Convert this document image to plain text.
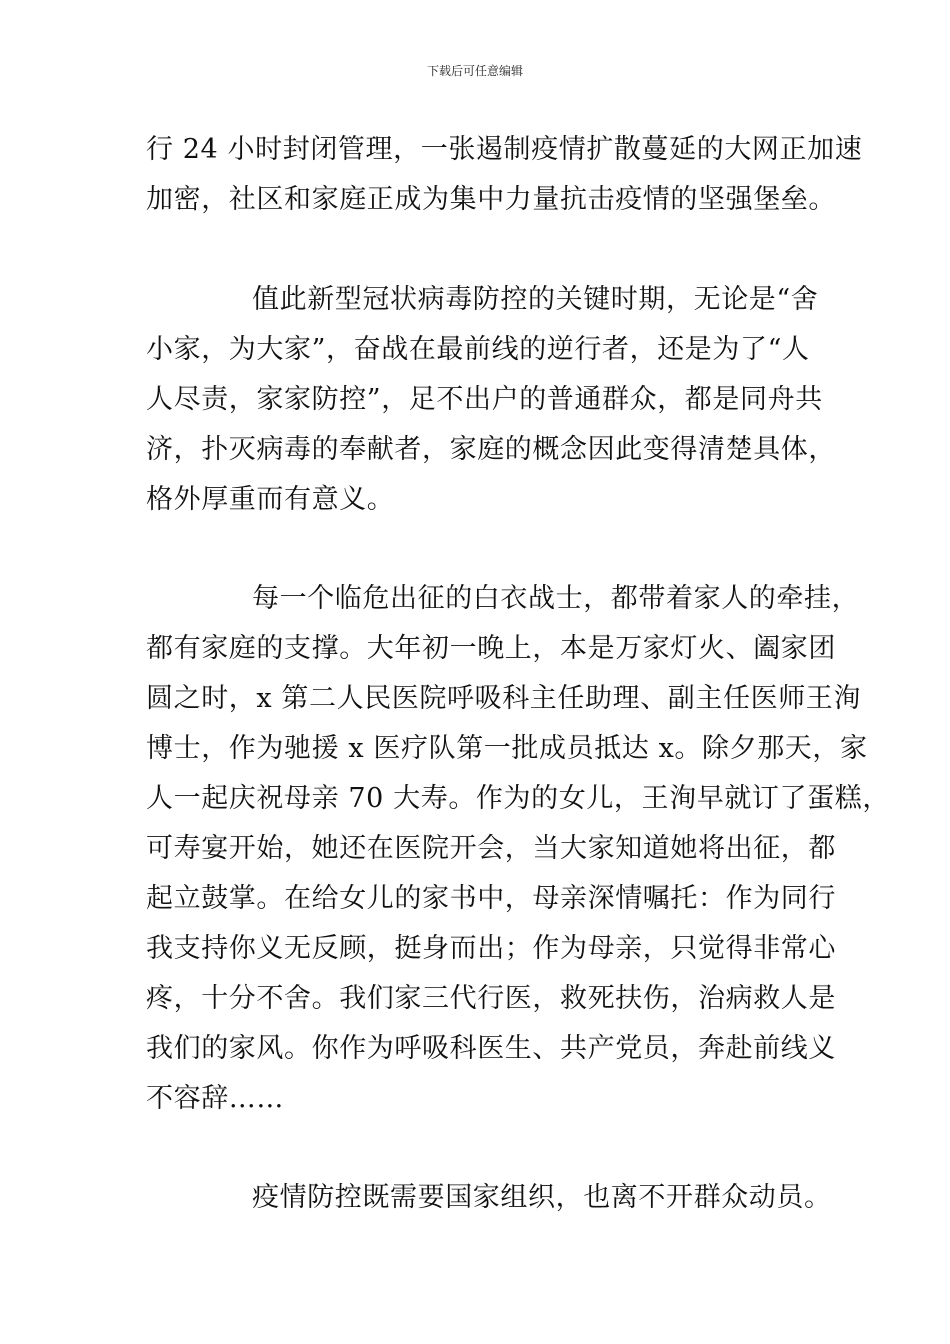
下载后可任意编辑
行 24 小时封闭管理，一张遏制疫情扩散蔓延的大网正加速
加密，社区和家庭正成为集中力量抗击疫情的坚强堡垒。
值此新型冠状病毒防控的关键时期，无论是“舍
小家，为大家”，奋战在最前线的逆行者，还是为了“人
人尽责，家家防控”，足不出户的普通群众，都是同舟共
济，扑灭病毒的奉献者，家庭的概念因此变得清楚具体，
格外厚重而有意义。
每一个临危出征的白衣战士，都带着家人的牵挂，
都有家庭的支撑。大年初一晚上，本是万家灯火、阖家团
圆之时，x 第二人民医院呼吸科主任助理、副主任医师王洵
博士，作为驰援 x 医疗队第一批成员抵达 x。除夕那天，家
人一起庆祝母亲 70 大寿。作为的女儿，王洵早就订了蛋糕，
可寿宴开始，她还在医院开会，当大家知道她将出征，都
起立鼓掌。在给女儿的家书中，母亲深情嘱托：作为同行
我支持你义无反顾，挺身而出；作为母亲，只觉得非常心
疼，十分不舍。我们家三代行医，救死扶伤，治病救人是
我们的家风。你作为呼吸科医生、共产党员，奔赴前线义
不容辞……
疫情防控既需要国家组织，也离不开群众动员。
